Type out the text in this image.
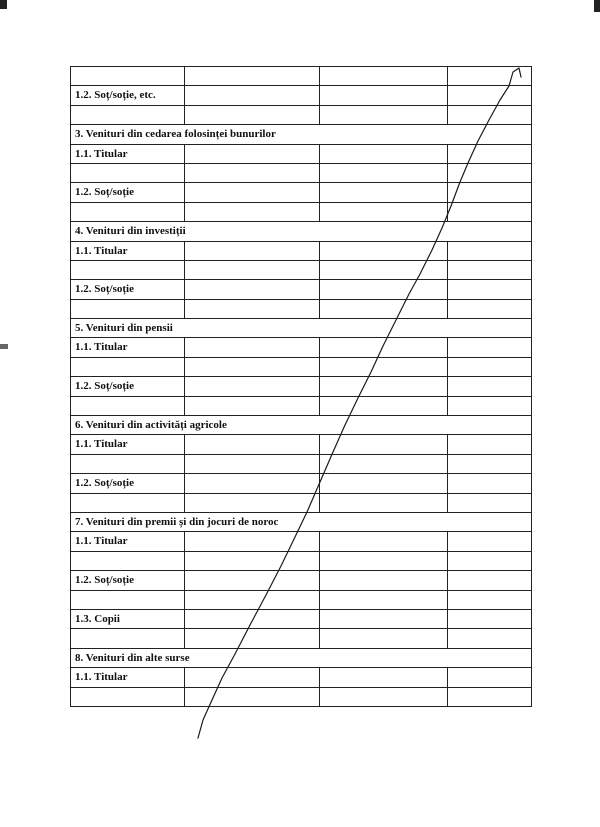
1.2. Soț/soție, etc.			

3. Venituri din cedarea folosinței bunurilor			
1.1. Titular			

1.2. Soț/soție			

4. Venituri din investiții			
1.1. Titular			

1.2. Soț/soție			

5. Venituri din pensii			
1.1. Titular			

1.2. Soț/soție			

6. Venituri din activități agricole			
1.1. Titular			

1.2. Soț/soție			

7. Venituri din premii și din jocuri de noroc			
1.1. Titular			

1.2. Soț/soție			

1.3. Copii			

8. Venituri din alte surse			
1.1. Titular			
